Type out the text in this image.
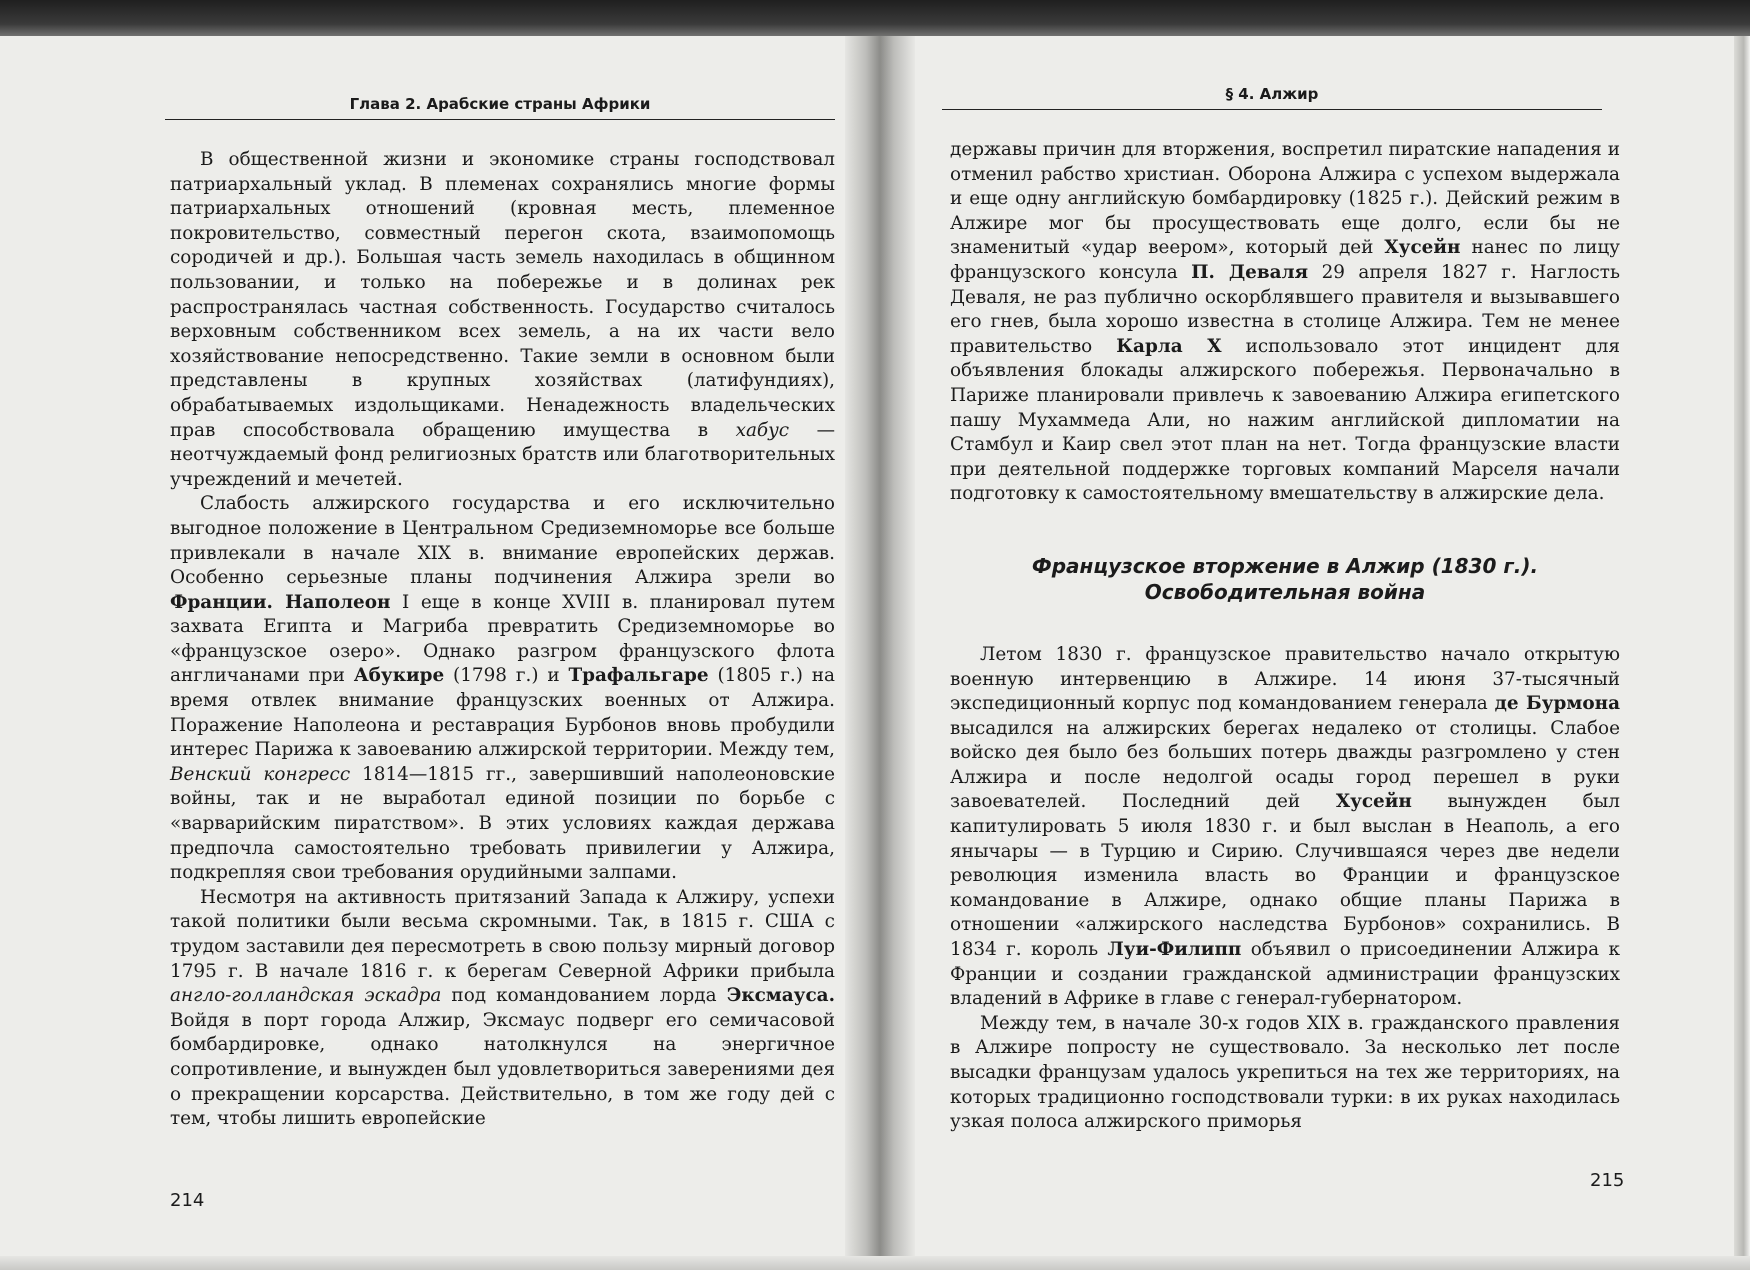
Глава 2. Арабские страны Африки

В общественной жизни и экономике страны господствовал патриархальный уклад. В племенах сохранялись многие формы патриархальных отношений (кровная месть, племенное покровительство, совместный перегон скота, взаимопомощь сородичей и др.). Большая часть земель находилась в общинном пользовании, и только на побережье и в долинах рек распространялась частная собственность. Государство считалось верховным собственником всех земель, а на их части вело хозяйствование непосредственно. Такие земли в основном были представлены в крупных хозяйствах (латифундиях), обрабатываемых издольщиками. Ненадежность владельческих прав способствовала обращению имущества в хабус — неотчуждаемый фонд религиозных братств или благотворительных учреждений и мечетей.

Слабость алжирского государства и его исключительно выгодное положение в Центральном Средиземноморье все больше привлекали в начале XIX в. внимание европейских держав. Особенно серьезные планы подчинения Алжира зрели во Франции. Наполеон I еще в конце XVIII в. планировал путем захвата Египта и Магриба превратить Средиземноморье во «французское озеро». Однако разгром французского флота англичанами при Абукире (1798 г.) и Трафальгаре (1805 г.) на время отвлек внимание французских военных от Алжира. Поражение Наполеона и реставрация Бурбонов вновь пробудили интерес Парижа к завоеванию алжирской территории. Между тем, Венский конгресс 1814—1815 гг., завершивший наполеоновские войны, так и не выработал единой позиции по борьбе с «варварийским пиратством». В этих условиях каждая держава предпочла самостоятельно требовать привилегии у Алжира, подкрепляя свои требования орудийными залпами.

Несмотря на активность притязаний Запада к Алжиру, успехи такой политики были весьма скромными. Так, в 1815 г. США с трудом заставили дея пересмотреть в свою пользу мирный договор 1795 г. В начале 1816 г. к берегам Северной Африки прибыла англо-голландская эскадра под командованием лорда Эксмауса. Войдя в порт города Алжир, Эксмаус подверг его семичасовой бомбардировке, однако натолкнулся на энергичное сопротивление, и вынужден был удовлетвориться заверениями дея о прекращении корсарства. Действительно, в том же году дей с тем, чтобы лишить европейские

214
§ 4. Алжир

державы причин для вторжения, воспретил пиратские нападения и отменил рабство христиан. Оборона Алжира с успехом выдержала и еще одну английскую бомбардировку (1825 г.). Дейский режим в Алжире мог бы просуществовать еще долго, если бы не знаменитый «удар веером», который дей Хусейн нанес по лицу французского консула П. Деваля 29 апреля 1827 г. Наглость Деваля, не раз публично оскорблявшего правителя и вызывавшего его гнев, была хорошо известна в столице Алжира. Тем не менее правительство Карла X использовало этот инцидент для объявления блокады алжирского побережья. Первоначально в Париже планировали привлечь к завоеванию Алжира египетского пашу Мухаммеда Али, но нажим английской дипломатии на Стамбул и Каир свел этот план на нет. Тогда французские власти при деятельной поддержке торговых компаний Марселя начали подготовку к самостоятельному вмешательству в алжирские дела.

Французское вторжение в Алжир (1830 г.).
Освободительная война

Летом 1830 г. французское правительство начало открытую военную интервенцию в Алжире. 14 июня 37-тысячный экспедиционный корпус под командованием генерала де Бурмона высадился на алжирских берегах недалеко от столицы. Слабое войско дея было без больших потерь дважды разгромлено у стен Алжира и после недолгой осады город перешел в руки завоевателей. Последний дей Хусейн вынужден был капитулировать 5 июля 1830 г. и был выслан в Неаполь, а его янычары — в Турцию и Сирию. Случившаяся через две недели революция изменила власть во Франции и французское командование в Алжире, однако общие планы Парижа в отношении «алжирского наследства Бурбонов» сохранились. В 1834 г. король Луи-Филипп объявил о присоединении Алжира к Франции и создании гражданской администрации французских владений в Африке в главе с генерал-губернатором.

Между тем, в начале 30-х годов XIX в. гражданского правления в Алжире попросту не существовало. За несколько лет после высадки французам удалось укрепиться на тех же территориях, на которых традиционно господствовали турки: в их руках находилась узкая полоса алжирского приморья

215
